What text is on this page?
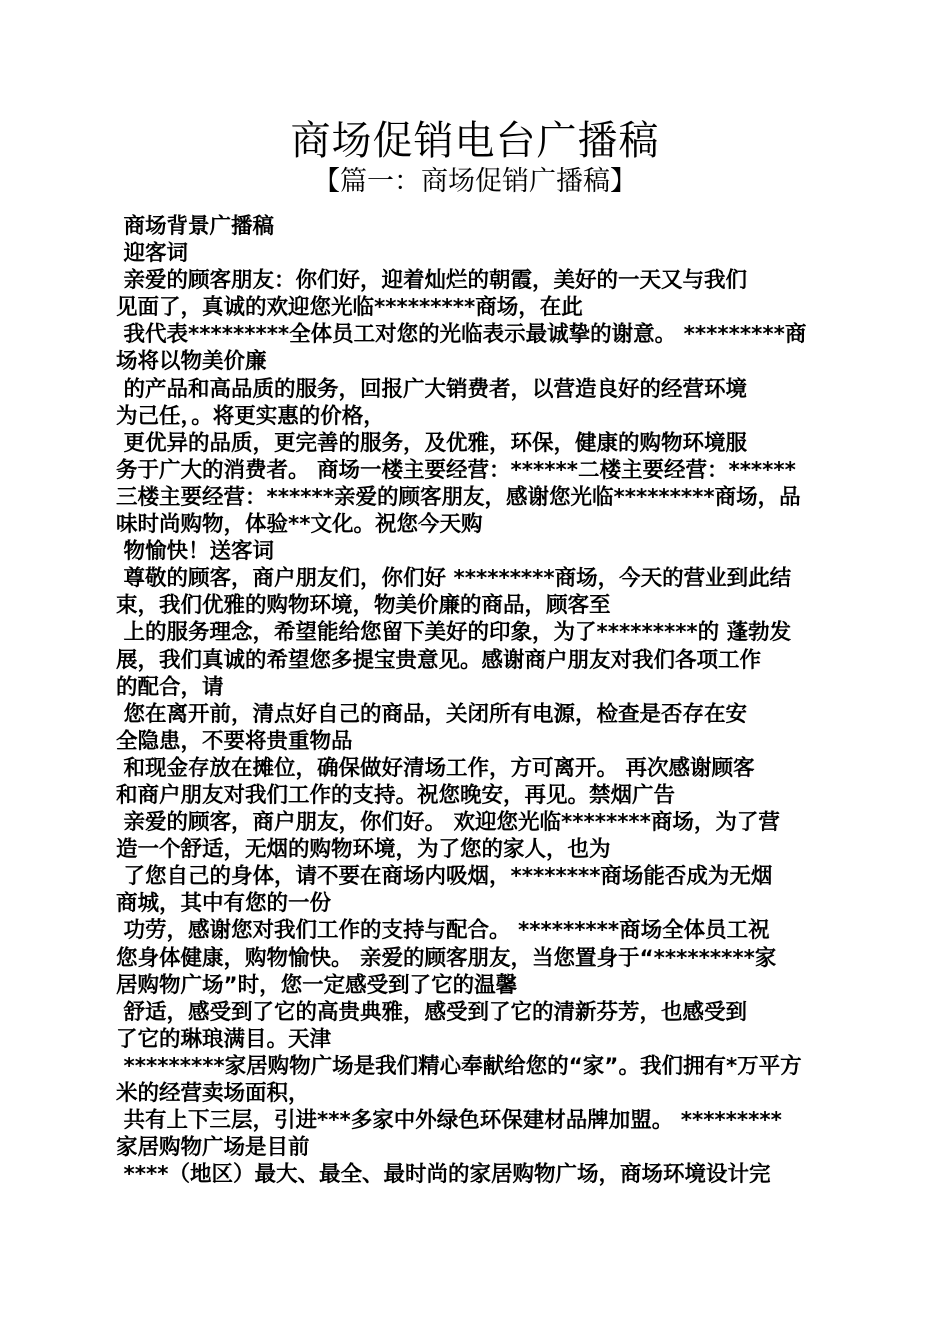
商场促销电台广播稿
【篇一：商场促销广播稿】
商场背景广播稿
迎客词
亲爱的顾客朋友：你们好，迎着灿烂的朝霞，美好的一天又与我们
见面了，真诚的欢迎您光临*********商场，在此
我代表*********全体员工对您的光临表示最诚挚的谢意。 *********商
场将以物美价廉
的产品和高品质的服务，回报广大销费者，以营造良好的经营环境
为己任，。将更实惠的价格，
更优异的品质，更完善的服务，及优雅，环保，健康的购物环境服
务于广大的消费者。 商场一楼主要经营：******二楼主要经营：******
三楼主要经营：******亲爱的顾客朋友，感谢您光临*********商场，品
味时尚购物，体验**文化。祝您今天购
物愉快！送客词
尊敬的顾客，商户朋友们，你们好 *********商场，今天的营业到此结
束，我们优雅的购物环境，物美价廉的商品，顾客至
上的服务理念，希望能给您留下美好的印象，为了*********的 蓬勃发
展，我们真诚的希望您多提宝贵意见。感谢商户朋友对我们各项工作
的配合，请
您在离开前，清点好自己的商品，关闭所有电源，检查是否存在安
全隐患，不要将贵重物品
和现金存放在摊位，确保做好清场工作，方可离开。 再次感谢顾客
和商户朋友对我们工作的支持。祝您晚安，再见。禁烟广告
亲爱的顾客，商户朋友，你们好。 欢迎您光临********商场，为了营
造一个舒适，无烟的购物环境，为了您的家人，也为
了您自己的身体，请不要在商场内吸烟，********商场能否成为无烟
商城，其中有您的一份
功劳，感谢您对我们工作的支持与配合。 *********商场全体员工祝
您身体健康，购物愉快。 亲爱的顾客朋友，当您置身于“*********家
居购物广场”时，您一定感受到了它的温馨
舒适，感受到了它的高贵典雅，感受到了它的清新芬芳，也感受到
了它的琳琅满目。天津
*********家居购物广场是我们精心奉献给您的“家”。我们拥有*万平方
米的经营卖场面积，
共有上下三层，引进***多家中外绿色环保建材品牌加盟。 *********
家居购物广场是目前
****（地区）最大、最全、最时尚的家居购物广场，商场环境设计完
